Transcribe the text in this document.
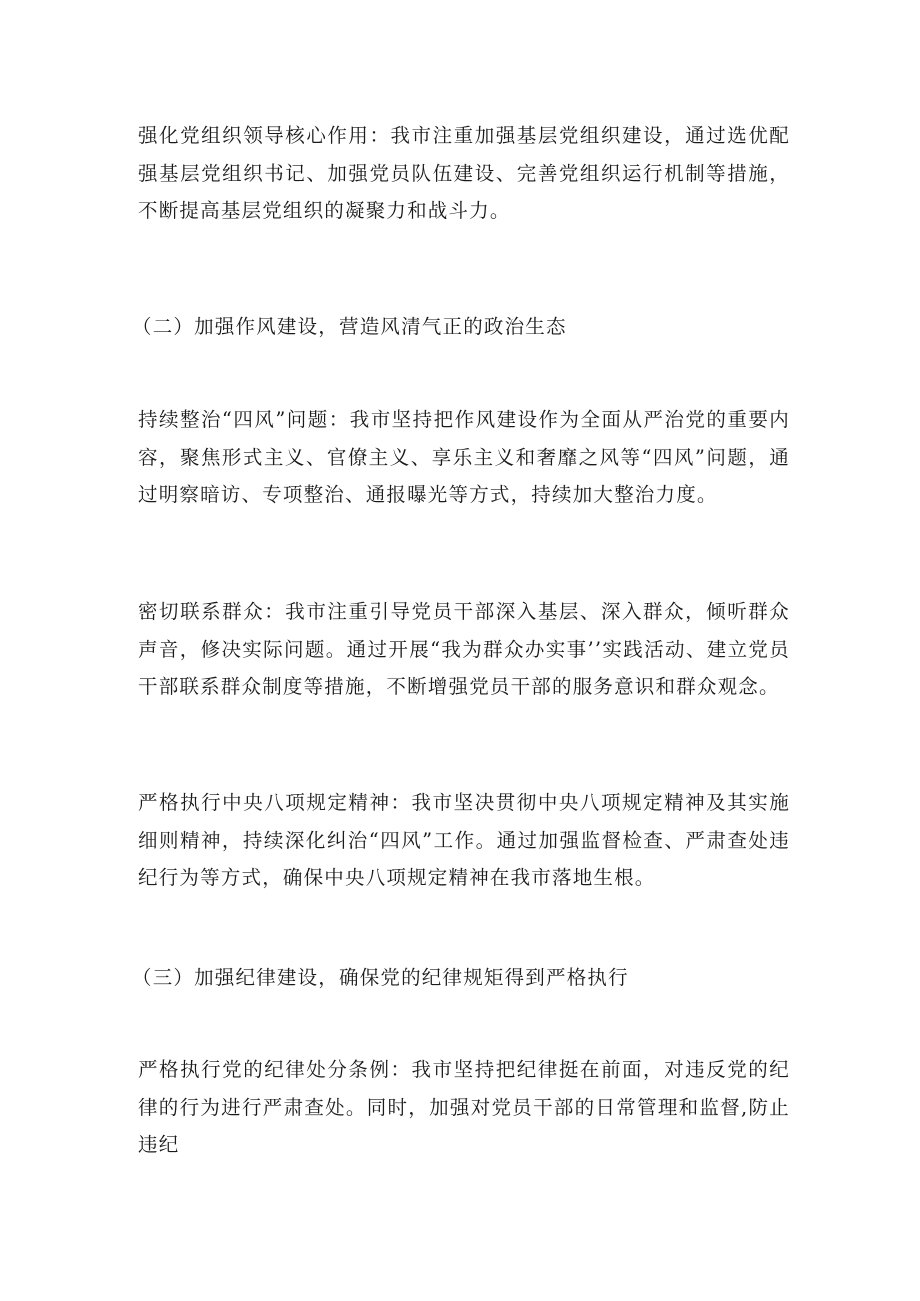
强化党组织领导核心作用：我市注重加强基层党组织建设，通过选优配强基层党组织书记、加强党员队伍建设、完善党组织运行机制等措施，不断提高基层党组织的凝聚力和战斗力。

（二）加强作风建设，营造风清气正的政治生态

持续整治“四风”问题：我市坚持把作风建设作为全面从严治党的重要内容，聚焦形式主义、官僚主义、享乐主义和奢靡之风等“四风”问题，通过明察暗访、专项整治、通报曝光等方式，持续加大整治力度。

密切联系群众：我市注重引导党员干部深入基层、深入群众，倾听群众声音，修决实际问题。通过开展“我为群众办实事’’实践活动、建立党员干部联系群众制度等措施，不断增强党员干部的服务意识和群众观念。

严格执行中央八项规定精神：我市坚决贯彻中央八项规定精神及其实施细则精神，持续深化纠治“四风”工作。通过加强监督检查、严肃查处违纪行为等方式，确保中央八项规定精神在我市落地生根。

（三）加强纪律建设，确保党的纪律规矩得到严格执行

严格执行党的纪律处分条例：我市坚持把纪律挺在前面，对违反党的纪律的行为进行严肃查处。同时，加强对党员干部的日常管理和监督,防止违纪
